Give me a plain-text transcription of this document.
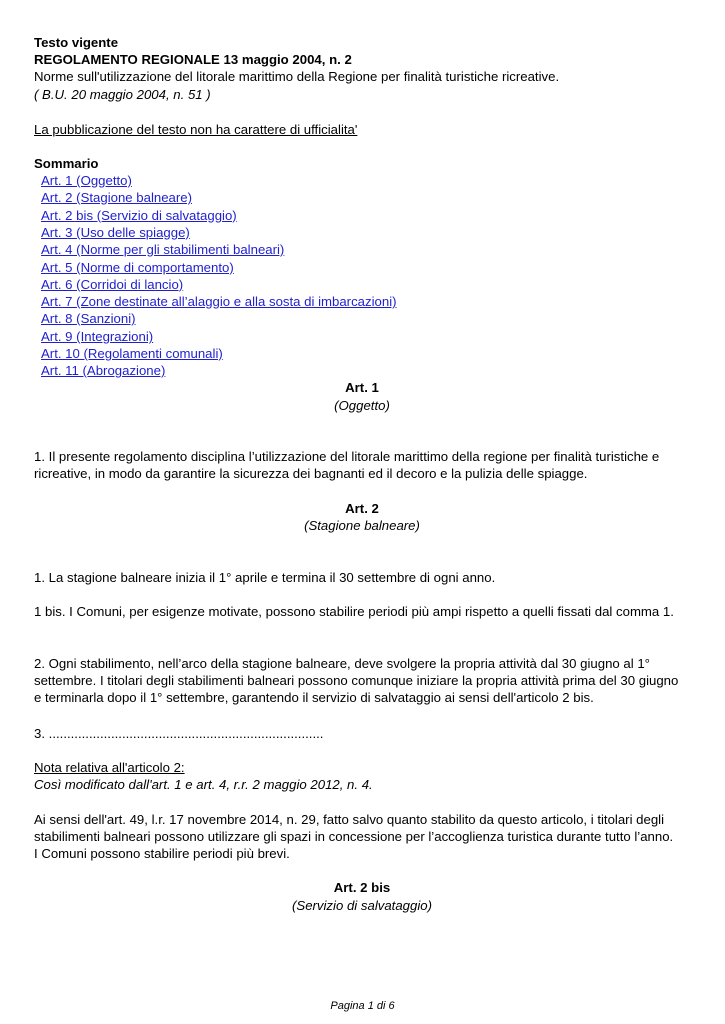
Testo vigente
REGOLAMENTO REGIONALE 13 maggio 2004, n. 2
Norme sull'utilizzazione del litorale marittimo della Regione per finalità turistiche ricreative.
( B.U. 20 maggio 2004, n. 51 )
La pubblicazione del testo non ha carattere di ufficialita'
Sommario
Art. 1 (Oggetto)
Art. 2 (Stagione balneare)
Art. 2 bis (Servizio di salvataggio)
Art. 3 (Uso delle spiagge)
Art. 4 (Norme per gli stabilimenti balneari)
Art. 5 (Norme di comportamento)
Art. 6 (Corridoi di lancio)
Art. 7 (Zone destinate all’alaggio e alla sosta di imbarcazioni)
Art. 8 (Sanzioni)
Art. 9 (Integrazioni)
Art. 10 (Regolamenti comunali)
Art. 11 (Abrogazione)
Art. 1
(Oggetto)
1. Il presente regolamento disciplina l’utilizzazione del litorale marittimo della regione per finalità turistiche e ricreative, in modo da garantire la sicurezza dei bagnanti ed il decoro e la pulizia delle spiagge.
Art. 2
(Stagione balneare)
1. La stagione balneare inizia il 1° aprile e termina il 30 settembre di ogni anno.
1 bis. I Comuni, per esigenze motivate, possono stabilire periodi più ampi rispetto a quelli fissati dal comma 1.
2. Ogni stabilimento, nell’arco della stagione balneare, deve svolgere la propria attività dal 30 giugno al 1° settembre. I titolari degli stabilimenti balneari possono comunque iniziare la propria attività prima del 30 giugno e terminarla dopo il 1° settembre, garantendo il servizio di salvataggio ai sensi dell'articolo 2 bis.
3. ...........................................................................
Nota relativa all'articolo 2:
Così modificato dall'art. 1 e art. 4, r.r. 2 maggio 2012, n. 4.
Ai sensi dell'art. 49, l.r. 17 novembre 2014, n. 29, fatto salvo quanto stabilito da questo articolo, i titolari degli stabilimenti balneari possono utilizzare gli spazi in concessione per l’accoglienza turistica durante tutto l’anno. I Comuni possono stabilire periodi più brevi.
Art. 2 bis
(Servizio di salvataggio)
Pagina 1 di 6
